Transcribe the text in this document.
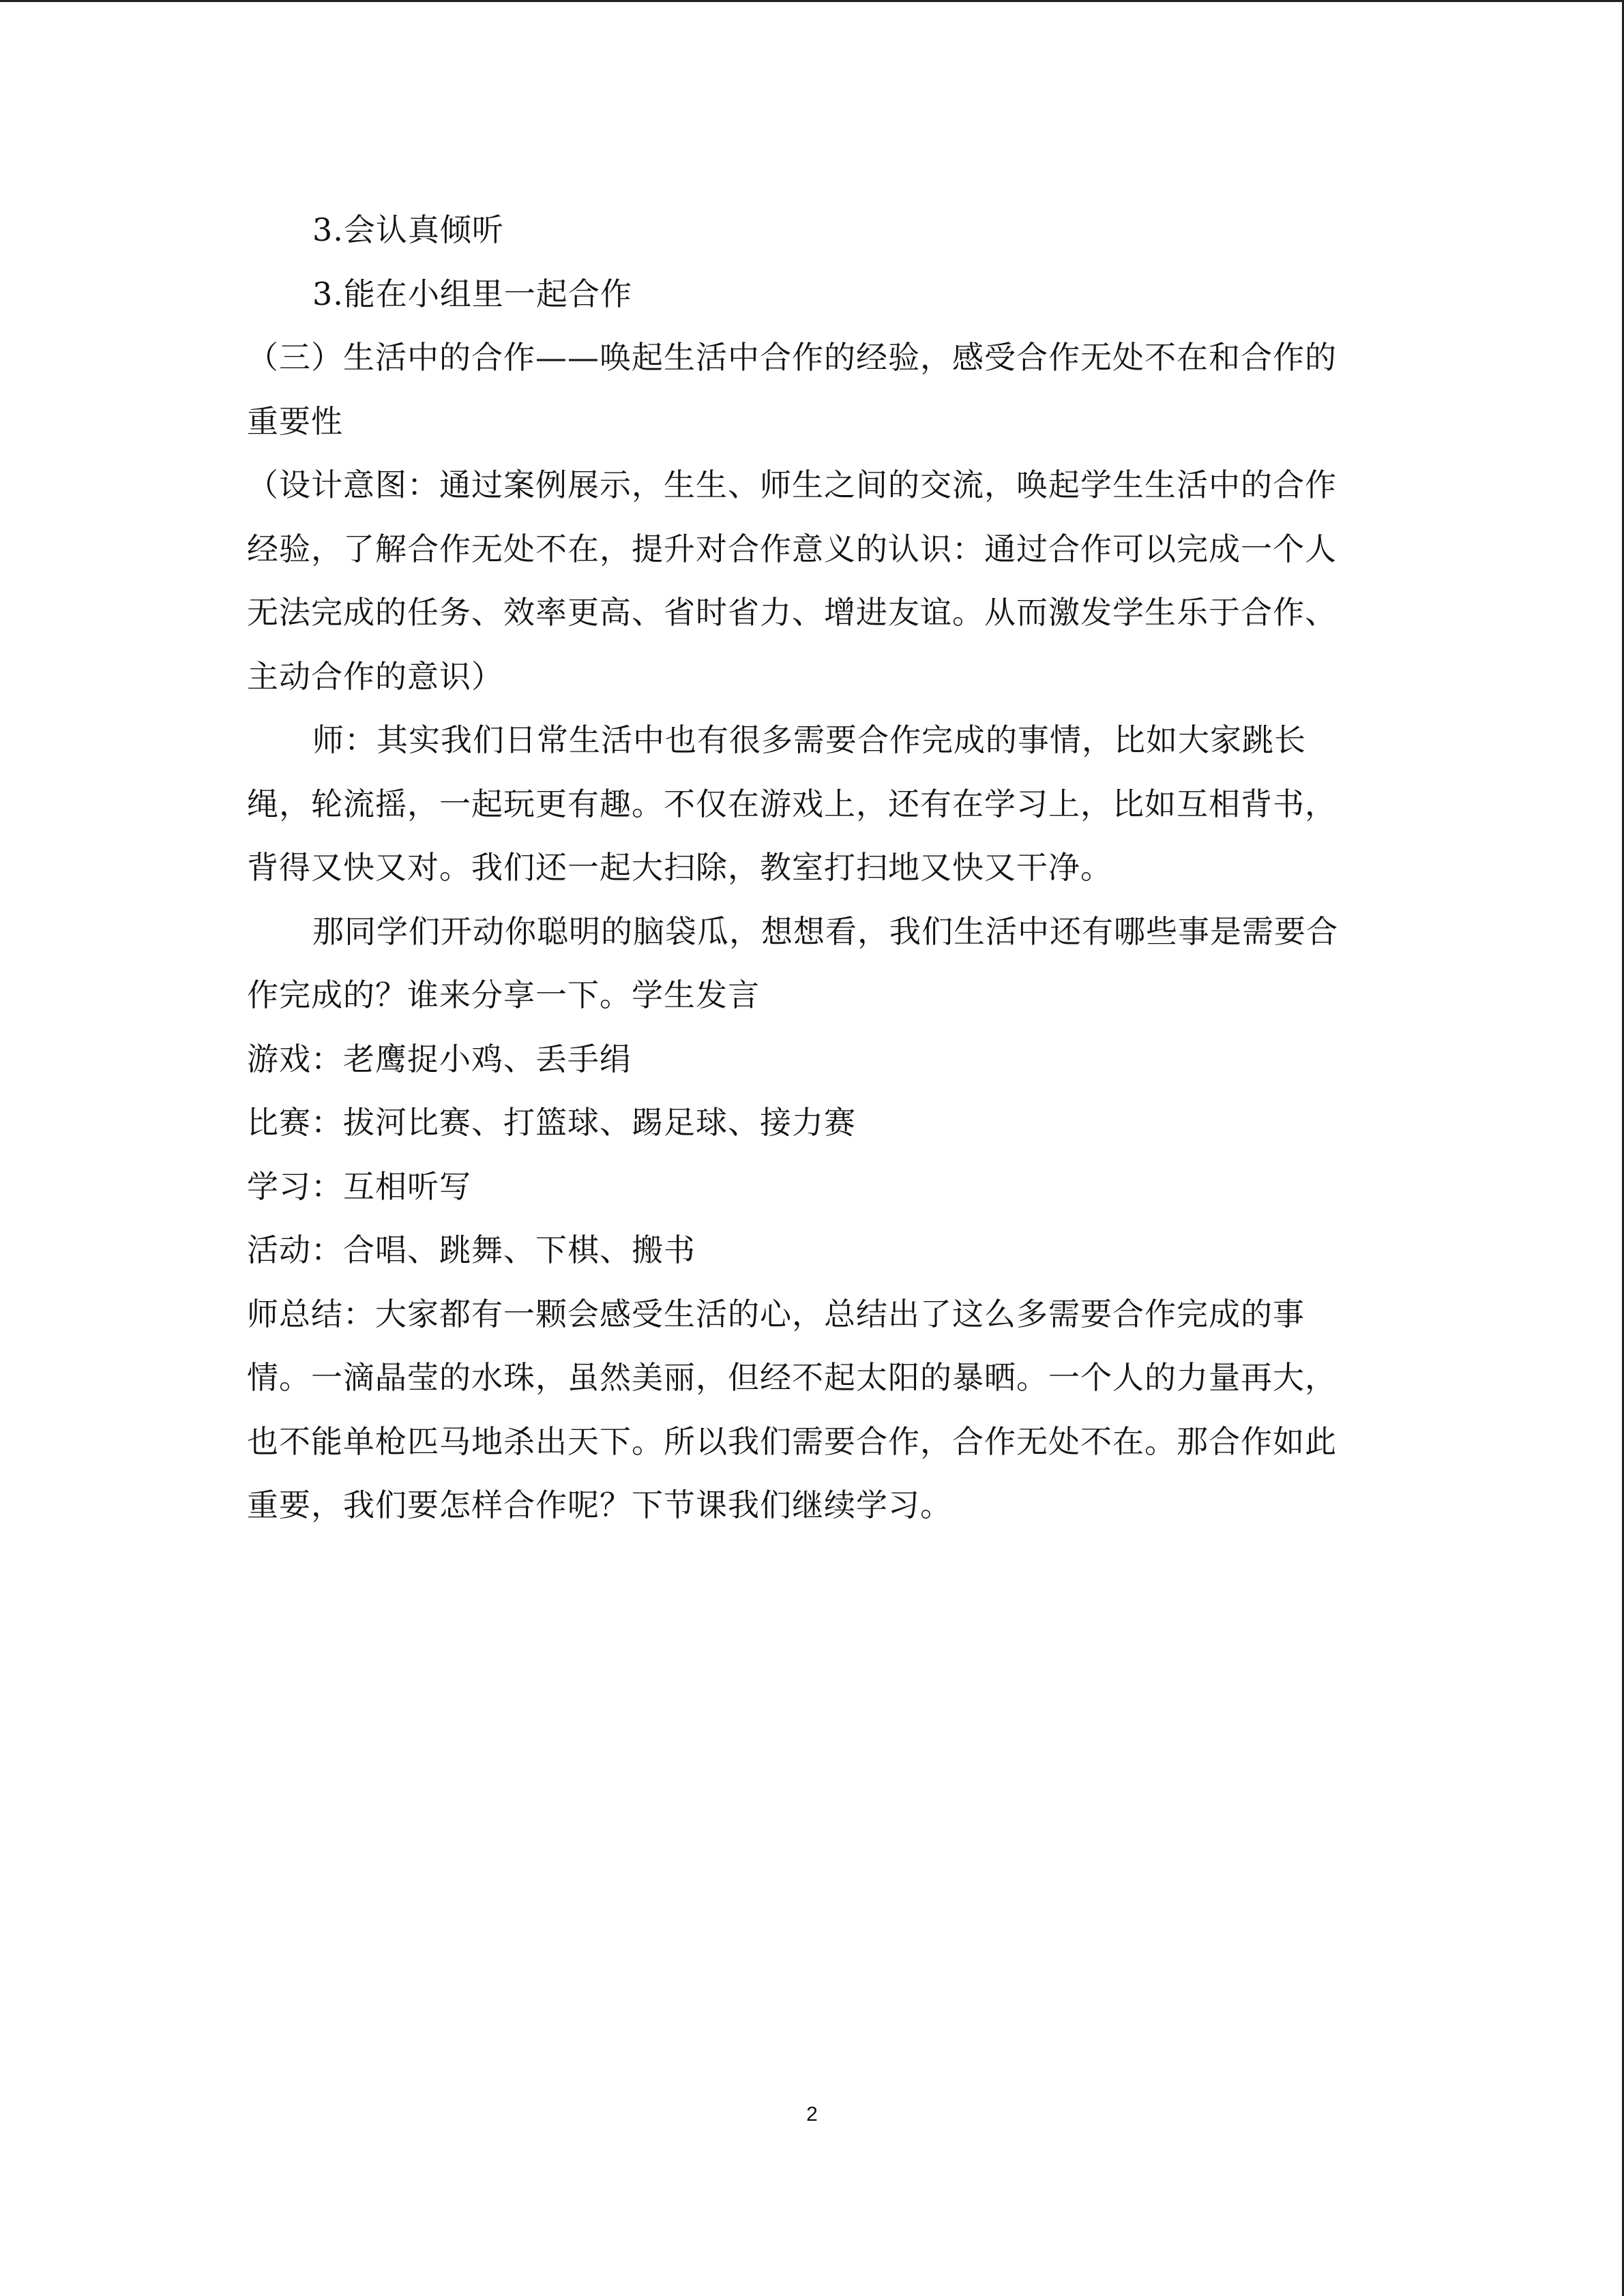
3.会认真倾听
3.能在小组里一起合作
（三）生活中的合作——唤起生活中合作的经验，感受合作无处不在和合作的
重要性
（设计意图：通过案例展示，生生、师生之间的交流，唤起学生生活中的合作
经验，了解合作无处不在，提升对合作意义的认识：通过合作可以完成一个人
无法完成的任务、效率更高、省时省力、增进友谊。从而激发学生乐于合作、
主动合作的意识）
师：其实我们日常生活中也有很多需要合作完成的事情，比如大家跳长
绳，轮流摇，一起玩更有趣。不仅在游戏上，还有在学习上，比如互相背书，
背得又快又对。我们还一起大扫除，教室打扫地又快又干净。
那同学们开动你聪明的脑袋瓜，想想看，我们生活中还有哪些事是需要合
作完成的？谁来分享一下。学生发言
游戏：老鹰捉小鸡、丢手绢
比赛：拔河比赛、打篮球、踢足球、接力赛
学习：互相听写
活动：合唱、跳舞、下棋、搬书
师总结：大家都有一颗会感受生活的心，总结出了这么多需要合作完成的事
情。一滴晶莹的水珠，虽然美丽，但经不起太阳的暴晒。一个人的力量再大，
也不能单枪匹马地杀出天下。所以我们需要合作，合作无处不在。那合作如此
重要，我们要怎样合作呢？下节课我们继续学习。
2
